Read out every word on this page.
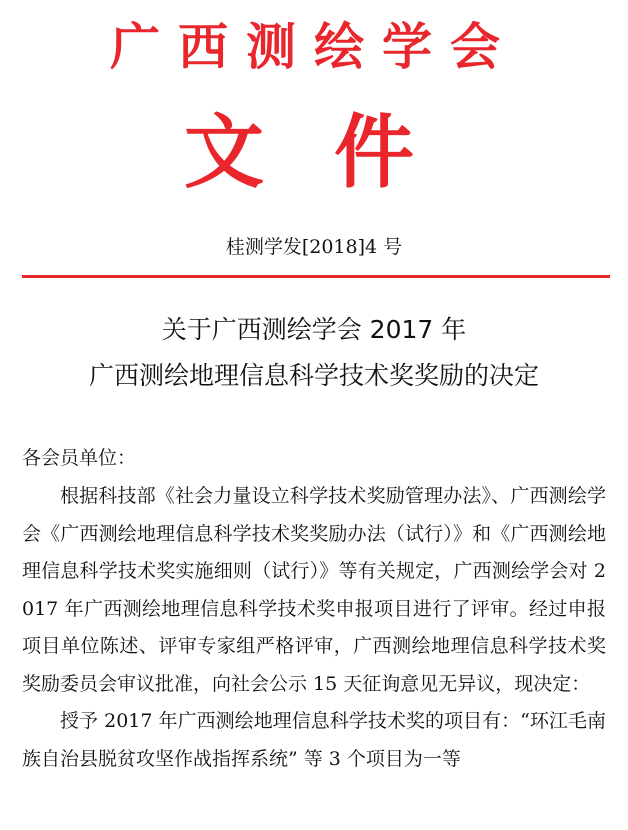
广西测绘学会
文件
桂测学发[2018]4 号
关于广西测绘学会 2017 年
广西测绘地理信息科学技术奖奖励的决定
各会员单位：

根据科技部《社会力量设立科学技术奖励管理办法》、广西测绘学会《广西测绘地理信息科学技术奖奖励办法（试行）》和《广西测绘地理信息科学技术奖实施细则（试行）》等有关规定，广西测绘学会对 2017 年广西测绘地理信息科学技术奖申报项目进行了评审。经过申报项目单位陈述、评审专家组严格评审，广西测绘地理信息科学技术奖奖励委员会审议批准，向社会公示 15 天征询意见无异议，现决定：

授予 2017 年广西测绘地理信息科学技术奖的项目有：“环江毛南族自治县脱贫攻坚作战指挥系统” 等 3 个项目为一等
